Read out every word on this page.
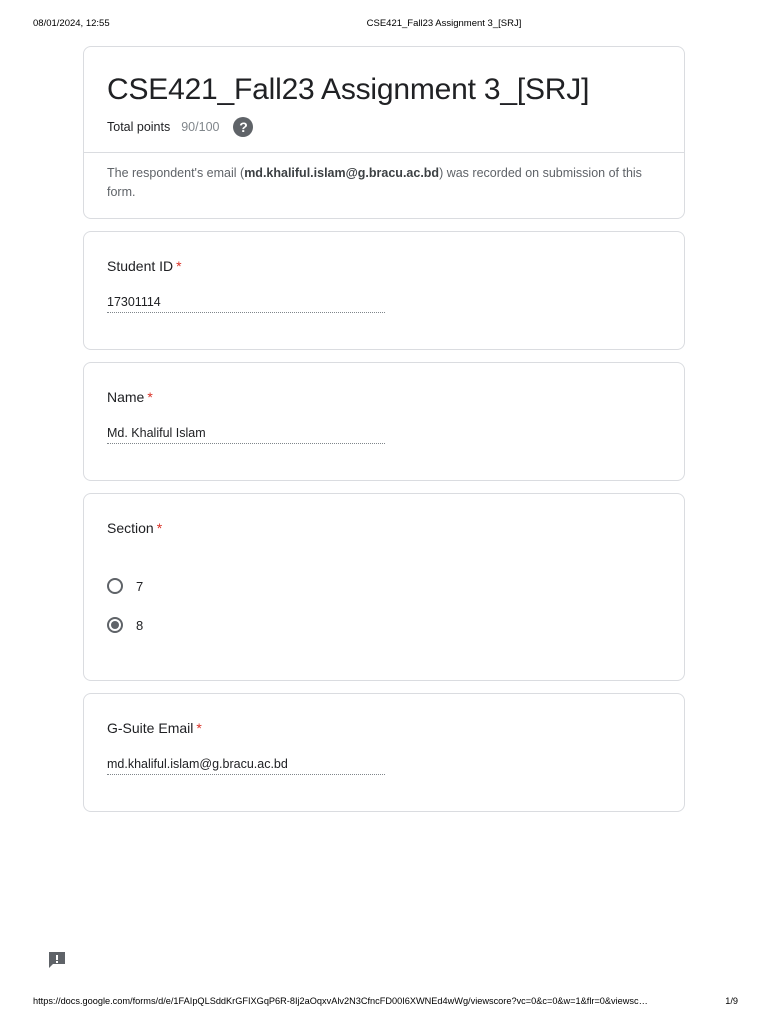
08/01/2024, 12:55	CSE421_Fall23 Assignment 3_[SRJ]
CSE421_Fall23 Assignment 3_[SRJ]
Total points 90/100	?
The respondent's email (md.khaliful.islam@g.bracu.ac.bd) was recorded on submission of this form.
Student ID *
17301114
Name *
Md. Khaliful Islam
Section *
7
8
G-Suite Email *
md.khaliful.islam@g.bracu.ac.bd
https://docs.google.com/forms/d/e/1FAIpQLSddKrGFIXGqP6R-8Ij2aOqxvAlv2N3CfncFD00I6XWNEd4wWg/viewscore?vc=0&c=0&w=1&flr=0&viewsc…	1/9
